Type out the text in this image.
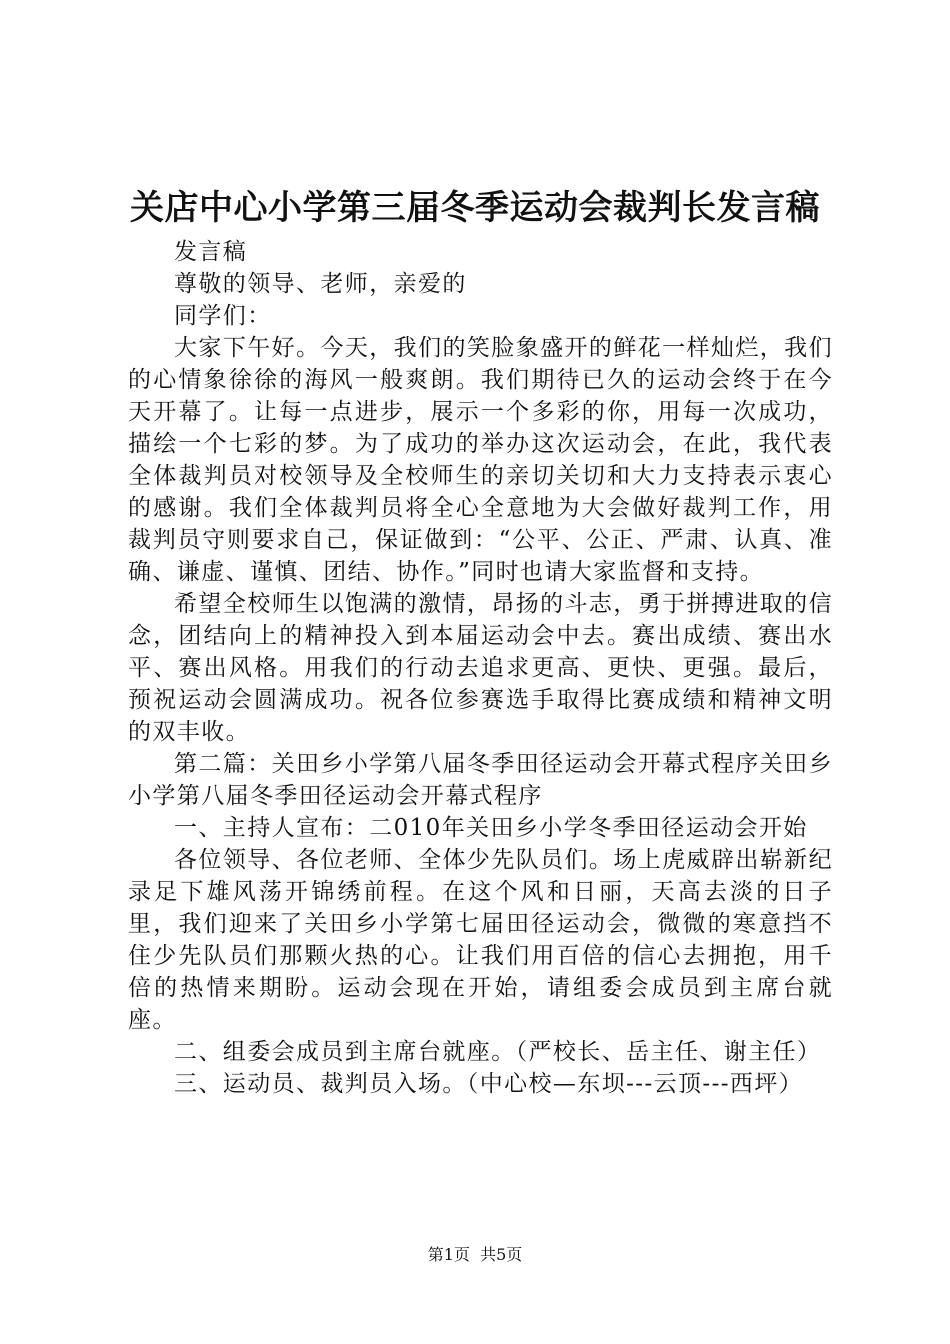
关店中心小学第三届冬季运动会裁判长发言稿

发言稿

尊敬的领导、老师，亲爱的

同学们：

大家下午好。今天，我们的笑脸象盛开的鲜花一样灿烂，我们的心情象徐徐的海风一般爽朗。我们期待已久的运动会终于在今天开幕了。让每一点进步，展示一个多彩的你，用每一次成功，描绘一个七彩的梦。为了成功的举办这次运动会，在此，我代表全体裁判员对校领导及全校师生的亲切关切和大力支持表示衷心的感谢。我们全体裁判员将全心全意地为大会做好裁判工作，用裁判员守则要求自己，保证做到：“公平、公正、严肃、认真、准确、谦虚、谨慎、团结、协作。”同时也请大家监督和支持。

希望全校师生以饱满的激情，昂扬的斗志，勇于拼搏进取的信念，团结向上的精神投入到本届运动会中去。赛出成绩、赛出水平、赛出风格。用我们的行动去追求更高、更快、更强。最后，预祝运动会圆满成功。祝各位参赛选手取得比赛成绩和精神文明的双丰收。

第二篇：关田乡小学第八届冬季田径运动会开幕式程序关田乡小学第八届冬季田径运动会开幕式程序

一、主持人宣布：二010年关田乡小学冬季田径运动会开始

各位领导、各位老师、全体少先队员们。场上虎威辟出崭新纪录足下雄风荡开锦绣前程。在这个风和日丽，天高去淡的日子里，我们迎来了关田乡小学第七届田径运动会，微微的寒意挡不住少先队员们那颗火热的心。让我们用百倍的信心去拥抱，用千倍的热情来期盼。运动会现在开始，请组委会成员到主席台就座。

二、组委会成员到主席台就座。（严校长、岳主任、谢主任）

三、运动员、裁判员入场。（中心校—东坝---云顶---西坪）

第1页 共5页
